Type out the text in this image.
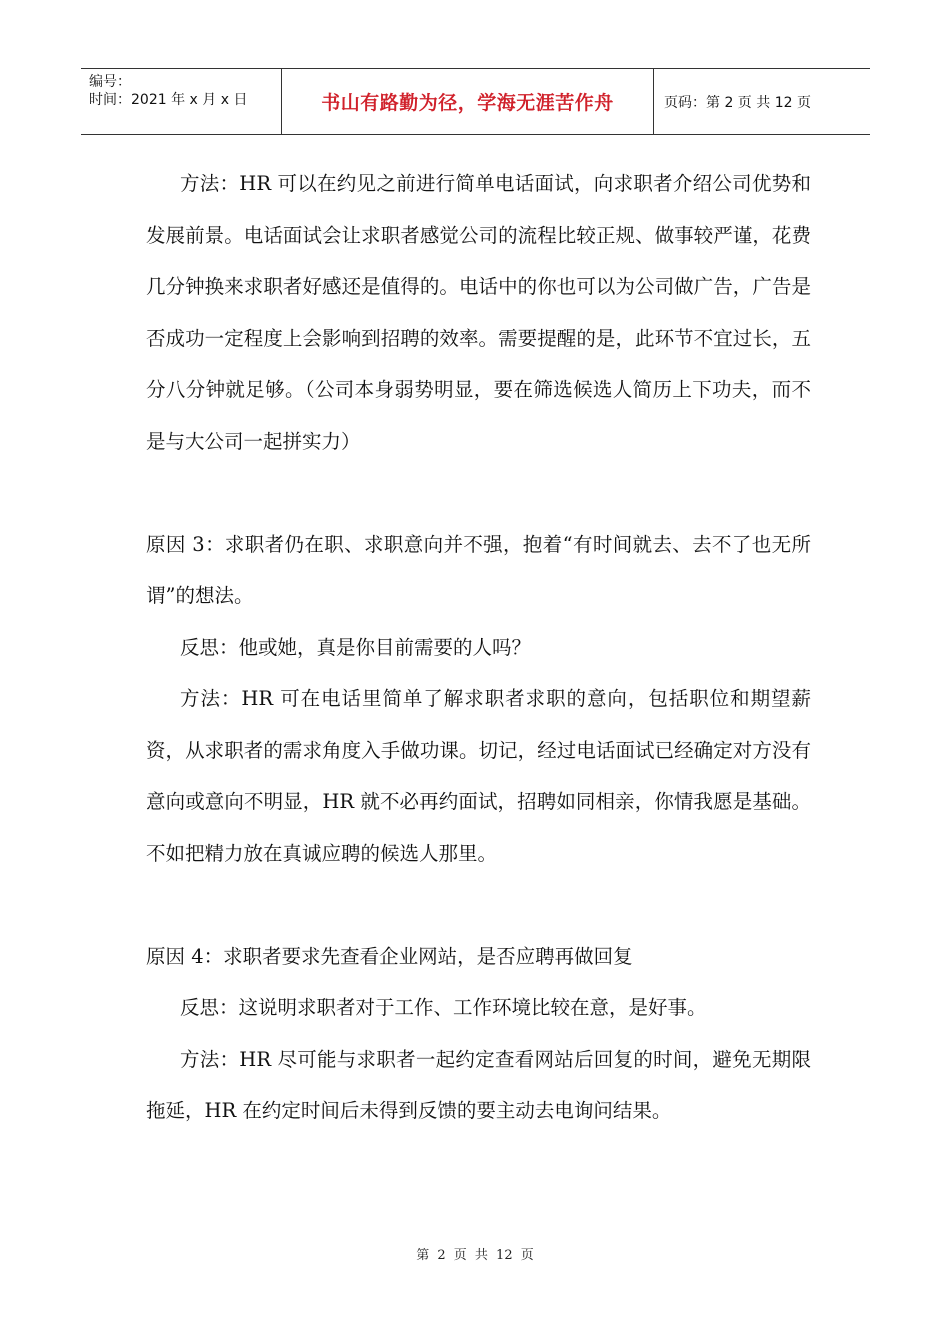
编号：
时间：2021 年 x 月 x 日	书山有路勤为径，学海无涯苦作舟	页码：第 2 页 共 12 页

方法：HR 可以在约见之前进行简单电话面试，向求职者介绍公司优势和发展前景。电话面试会让求职者感觉公司的流程比较正规、做事较严谨，花费几分钟换来求职者好感还是值得的。电话中的你也可以为公司做广告，广告是否成功一定程度上会影响到招聘的效率。需要提醒的是，此环节不宜过长，五分八分钟就足够。（公司本身弱势明显，要在筛选候选人简历上下功夫，而不是与大公司一起拼实力）

原因 3：求职者仍在职、求职意向并不强，抱着“有时间就去、去不了也无所谓”的想法。

反思：他或她，真是你目前需要的人吗？

方法：HR 可在电话里简单了解求职者求职的意向，包括职位和期望薪资，从求职者的需求角度入手做功课。切记，经过电话面试已经确定对方没有意向或意向不明显，HR 就不必再约面试，招聘如同相亲，你情我愿是基础。不如把精力放在真诚应聘的候选人那里。

原因 4：求职者要求先查看企业网站，是否应聘再做回复

反思：这说明求职者对于工作、工作环境比较在意，是好事。

方法：HR 尽可能与求职者一起约定查看网站后回复的时间，避免无期限拖延，HR 在约定时间后未得到反馈的要主动去电询问结果。

第 2 页 共 12 页
